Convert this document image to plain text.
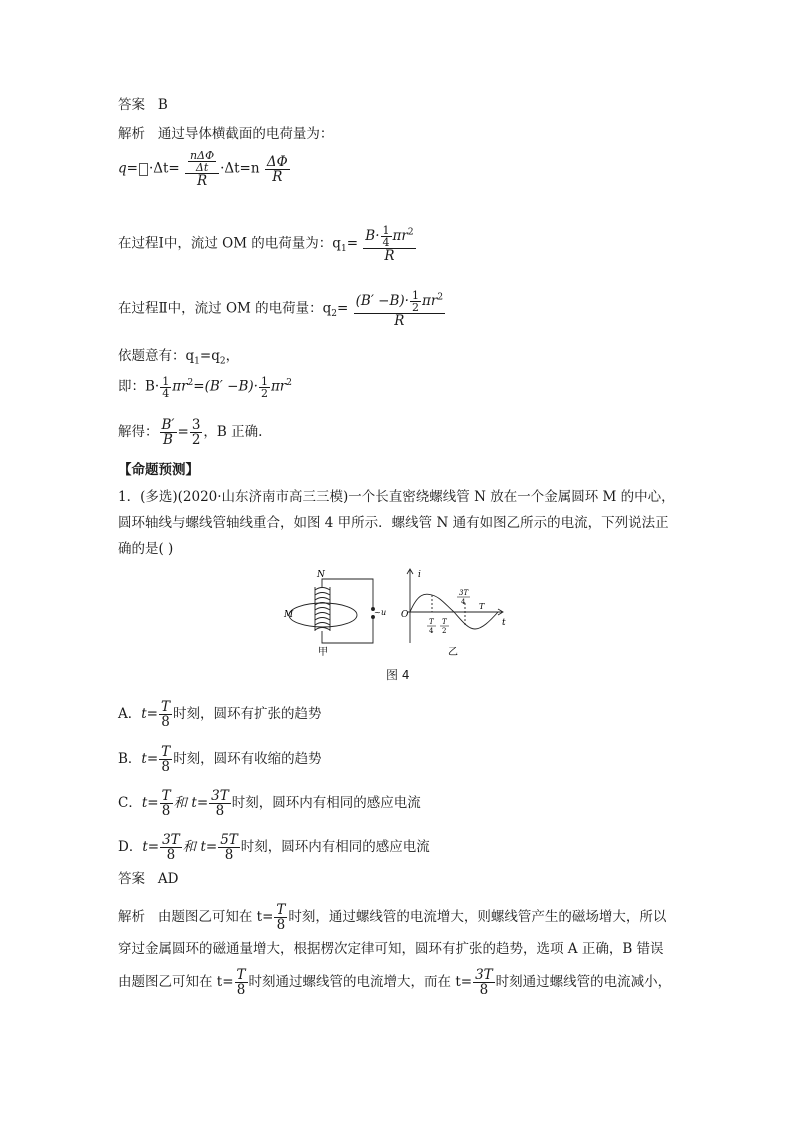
答案 B
解析 通过导体横截面的电荷量为：
q= ·Δt=
nΔΦ
Δt
R
$\cdot\Delta t=n \frac{\Delta\Phi}{R}$
在过程Ⅰ中，流过 OM 的电荷量为：$q_1= \frac{B\cdot \frac{1}{4} \pi r^2}{R}$
在过程Ⅱ中，流过 OM 的电荷量：$q_2= \frac{(B' -B)\cdot \frac{1}{2} \pi r^2}{R}$
依题意有：$q_1=q_2$，
即：$B\cdot \frac{1}{4} \pi r^2=(B' -B)\cdot \frac{1}{2} \pi r^2$
解得： $\frac{B'}{B} = \frac{3}{2}$ ，B 正确.
【命题预测】
1．(多选)(2020·山东济南市高三三模)一个长直密绕螺线管 N 放在一个金属圆环 M 的中心，
圆环轴线与螺线管轴线重合，如图 4 甲所示．螺线管 N 通有如图乙所示的电流，下列说法正
确的是( )
N
M	~ u
甲
i
O
t
T
T
4
T
2
3T
4
乙
图 4
A．$t= \frac{T}{8}$ 时刻，圆环有扩张的趋势
B．$t= \frac{T}{8}$ 时刻，圆环有收缩的趋势
C．$t= \frac{T}{8}$ 和 $t= \frac{3T}{8}$ 时刻，圆环内有相同的感应电流
D．$t= \frac{3T}{8}$ 和 $t= \frac{5T}{8}$ 时刻，圆环内有相同的感应电流
答案 AD
解析 由题图乙可知在 $t= \frac{T}{8}$ 时刻，通过螺线管的电流增大，则螺线管产生的磁场增大，所以
穿过金属圆环的磁通量增大，根据楞次定律可知，圆环有扩张的趋势，选项 A 正确，B 错误
由题图乙可知在 $t= \frac{T}{8}$ 时刻通过螺线管的电流增大，而在 $t= \frac{3T}{8}$ 时刻通过螺线管的电流减小，
